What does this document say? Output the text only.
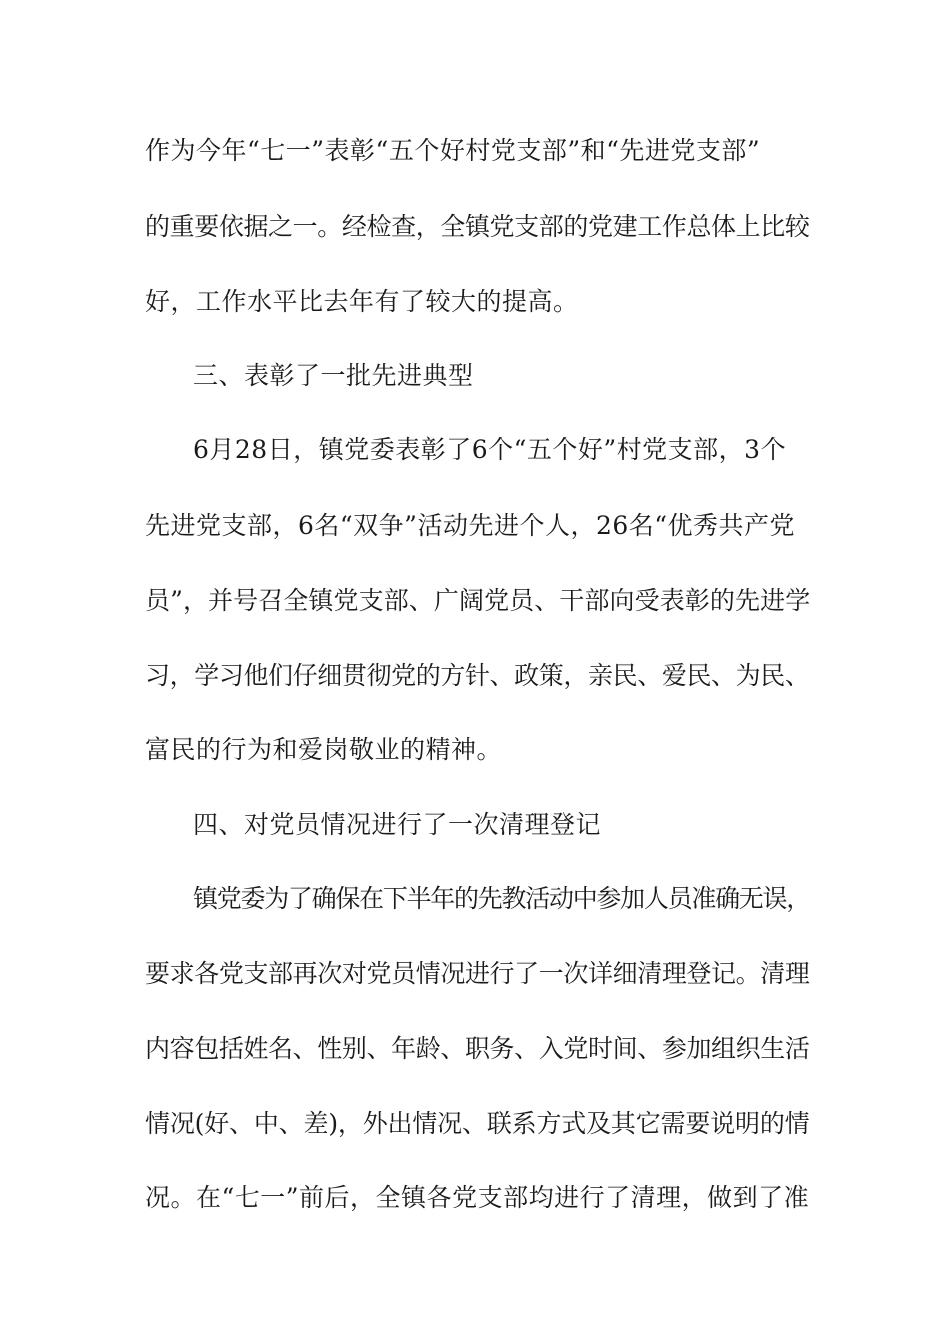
作为今年“七一”表彰“五个好村党支部”和“先进党支部”
的重要依据之一。经检查，全镇党支部的党建工作总体上比较
好，工作水平比去年有了较大的提高。
三、表彰了一批先进典型
6月28日，镇党委表彰了6个“五个好”村党支部，3个
先进党支部，6名“双争”活动先进个人，26名“优秀共产党
员”，并号召全镇党支部、广阔党员、干部向受表彰的先进学
习，学习他们仔细贯彻党的方针、政策，亲民、爱民、为民、
富民的行为和爱岗敬业的精神。
四、对党员情况进行了一次清理登记
镇党委为了确保在下半年的先教活动中参加人员准确无误，
要求各党支部再次对党员情况进行了一次详细清理登记。清理
内容包括姓名、性别、年龄、职务、入党时间、参加组织生活
情况(好、中、差)，外出情况、联系方式及其它需要说明的情
况。在“七一”前后，全镇各党支部均进行了清理，做到了准
